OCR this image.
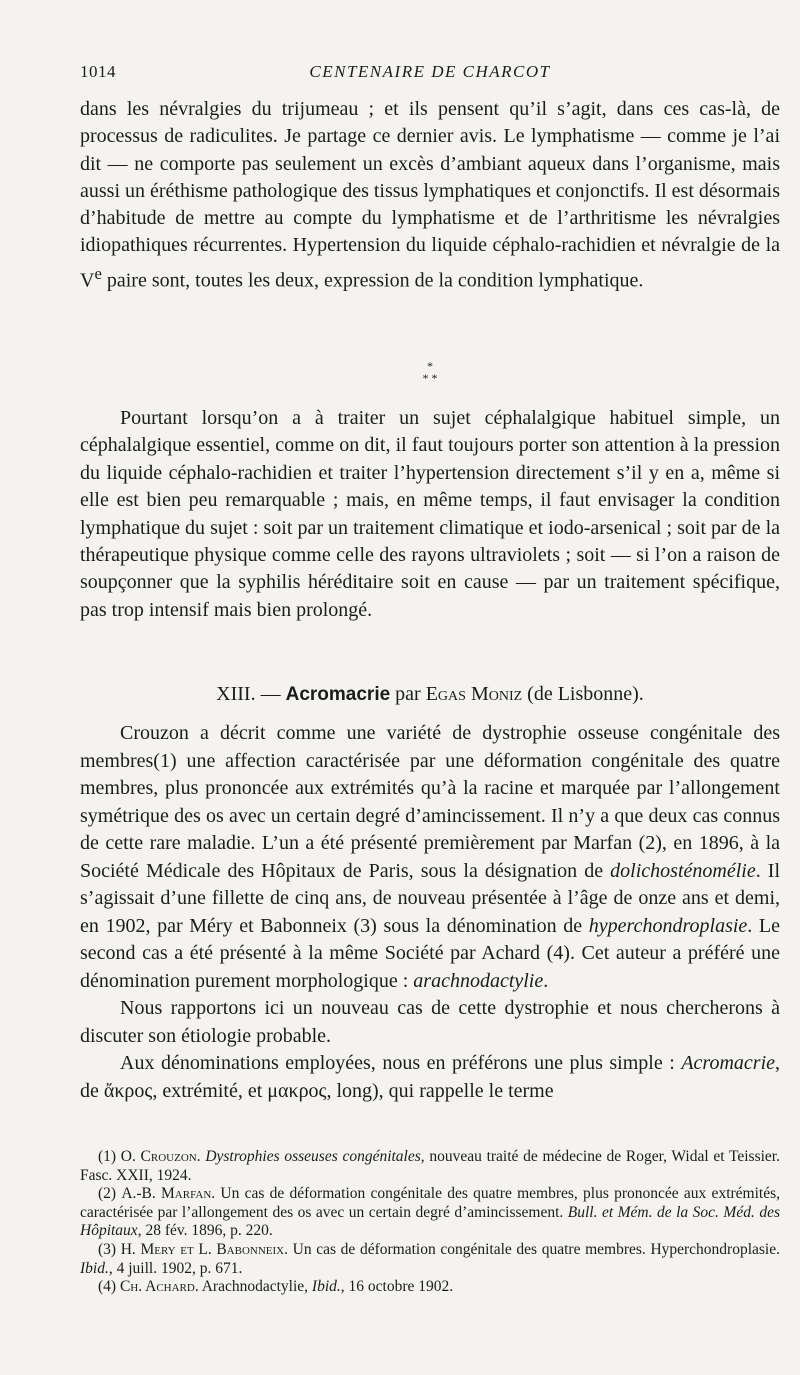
1014	CENTENAIRE DE CHARCOT

dans les névralgies du trijumeau ; et ils pensent qu’il s’agit, dans ces cas-là, de processus de radiculites. Je partage ce dernier avis. Le lymphatisme — comme je l’ai dit — ne comporte pas seulement un excès d’ambiant aqueux dans l’organisme, mais aussi un éréthisme pathologique des tissus lymphatiques et conjonctifs. Il est désormais d’habitude de mettre au compte du lymphatisme et de l’arthritisme les névralgies idiopathiques récurrentes. Hypertension du liquide céphalo-rachidien et névralgie de la Ve paire sont, toutes les deux, expression de la condition lymphatique.

*
* *

Pourtant lorsqu’on a à traiter un sujet céphalalgique habituel simple, un céphalalgique essentiel, comme on dit, il faut toujours porter son attention à la pression du liquide céphalo-rachidien et traiter l’hypertension directement s’il y en a, même si elle est bien peu remarquable ; mais, en même temps, il faut envisager la condition lymphatique du sujet : soit par un traitement climatique et iodo-arsenical ; soit par de la thérapeutique physique comme celle des rayons ultraviolets ; soit — si l’on a raison de soupçonner que la syphilis héréditaire soit en cause — par un traitement spécifique, pas trop intensif mais bien prolongé.

XIII. — Acromacrie par Egas Moniz (de Lisbonne).

Crouzon a décrit comme une variété de dystrophie osseuse congénitale des membres(1) une affection caractérisée par une déformation congénitale des quatre membres, plus prononcée aux extrémités qu’à la racine et marquée par l’allongement symétrique des os avec un certain degré d’amincissement. Il n’y a que deux cas connus de cette rare maladie. L’un a été présenté premièrement par Marfan (2), en 1896, à la Société Médicale des Hôpitaux de Paris, sous la désignation de dolichosténomélie. Il s’agissait d’une fillette de cinq ans, de nouveau présentée à l’âge de onze ans et demi, en 1902, par Méry et Babonneix (3) sous la dénomination de hyperchondroplasie. Le second cas a été présenté à la même Société par Achard (4). Cet auteur a préféré une dénomination purement morphologique : arachnodactylie.

Nous rapportons ici un nouveau cas de cette dystrophie et nous chercherons à discuter son étiologie probable.

Aux dénominations employées, nous en préférons une plus simple : Acromacrie, de ἄκρος, extrémité, et μακρος, long), qui rappelle le terme

(1) O. Crouzon. Dystrophies osseuses congénitales, nouveau traité de médecine de Roger, Widal et Teissier. Fasc. XXII, 1924.

(2) A.-B. Marfan. Un cas de déformation congénitale des quatre membres, plus prononcée aux extrémités, caractérisée par l’allongement des os avec un certain degré d’amincissement. Bull. et Mém. de la Soc. Méd. des Hôpitaux, 28 fév. 1896, p. 220.

(3) H. Mery et L. Babonneix. Un cas de déformation congénitale des quatre membres. Hyperchondroplasie. Ibid., 4 juill. 1902, p. 671.

(4) Ch. Achard. Arachnodactylie, Ibid., 16 octobre 1902.
